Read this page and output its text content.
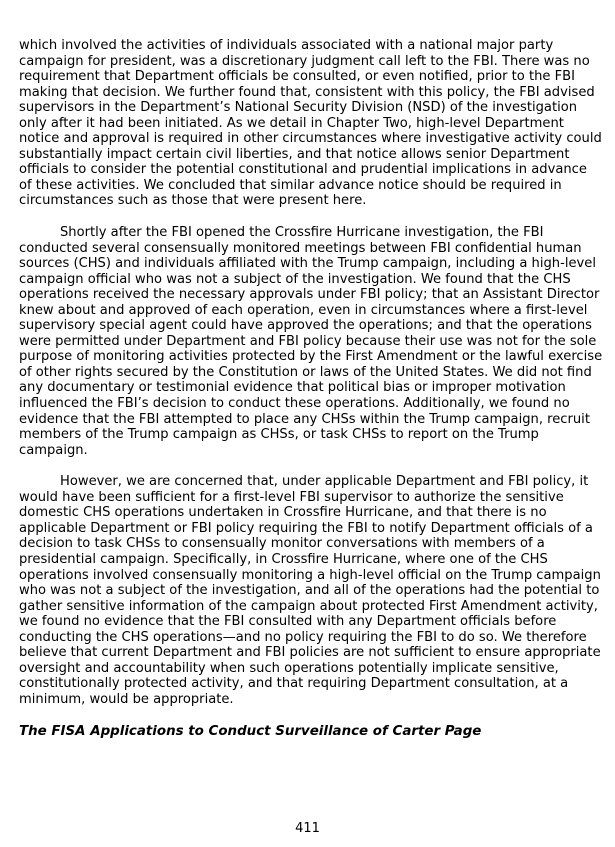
which involved the activities of individuals associated with a national major party campaign for president, was a discretionary judgment call left to the FBI. There was no requirement that Department officials be consulted, or even notified, prior to the FBI making that decision. We further found that, consistent with this policy, the FBI advised supervisors in the Department’s National Security Division (NSD) of the investigation only after it had been initiated. As we detail in Chapter Two, high-level Department notice and approval is required in other circumstances where investigative activity could substantially impact certain civil liberties, and that notice allows senior Department officials to consider the potential constitutional and prudential implications in advance of these activities. We concluded that similar advance notice should be required in circumstances such as those that were present here.

Shortly after the FBI opened the Crossfire Hurricane investigation, the FBI conducted several consensually monitored meetings between FBI confidential human sources (CHS) and individuals affiliated with the Trump campaign, including a high-level campaign official who was not a subject of the investigation. We found that the CHS operations received the necessary approvals under FBI policy; that an Assistant Director knew about and approved of each operation, even in circumstances where a first-level supervisory special agent could have approved the operations; and that the operations were permitted under Department and FBI policy because their use was not for the sole purpose of monitoring activities protected by the First Amendment or the lawful exercise of other rights secured by the Constitution or laws of the United States. We did not find any documentary or testimonial evidence that political bias or improper motivation influenced the FBI’s decision to conduct these operations. Additionally, we found no evidence that the FBI attempted to place any CHSs within the Trump campaign, recruit members of the Trump campaign as CHSs, or task CHSs to report on the Trump campaign.

However, we are concerned that, under applicable Department and FBI policy, it would have been sufficient for a first-level FBI supervisor to authorize the sensitive domestic CHS operations undertaken in Crossfire Hurricane, and that there is no applicable Department or FBI policy requiring the FBI to notify Department officials of a decision to task CHSs to consensually monitor conversations with members of a presidential campaign. Specifically, in Crossfire Hurricane, where one of the CHS operations involved consensually monitoring a high-level official on the Trump campaign who was not a subject of the investigation, and all of the operations had the potential to gather sensitive information of the campaign about protected First Amendment activity, we found no evidence that the FBI consulted with any Department officials before conducting the CHS operations—and no policy requiring the FBI to do so. We therefore believe that current Department and FBI policies are not sufficient to ensure appropriate oversight and accountability when such operations potentially implicate sensitive, constitutionally protected activity, and that requiring Department consultation, at a minimum, would be appropriate.

The FISA Applications to Conduct Surveillance of Carter Page
411
